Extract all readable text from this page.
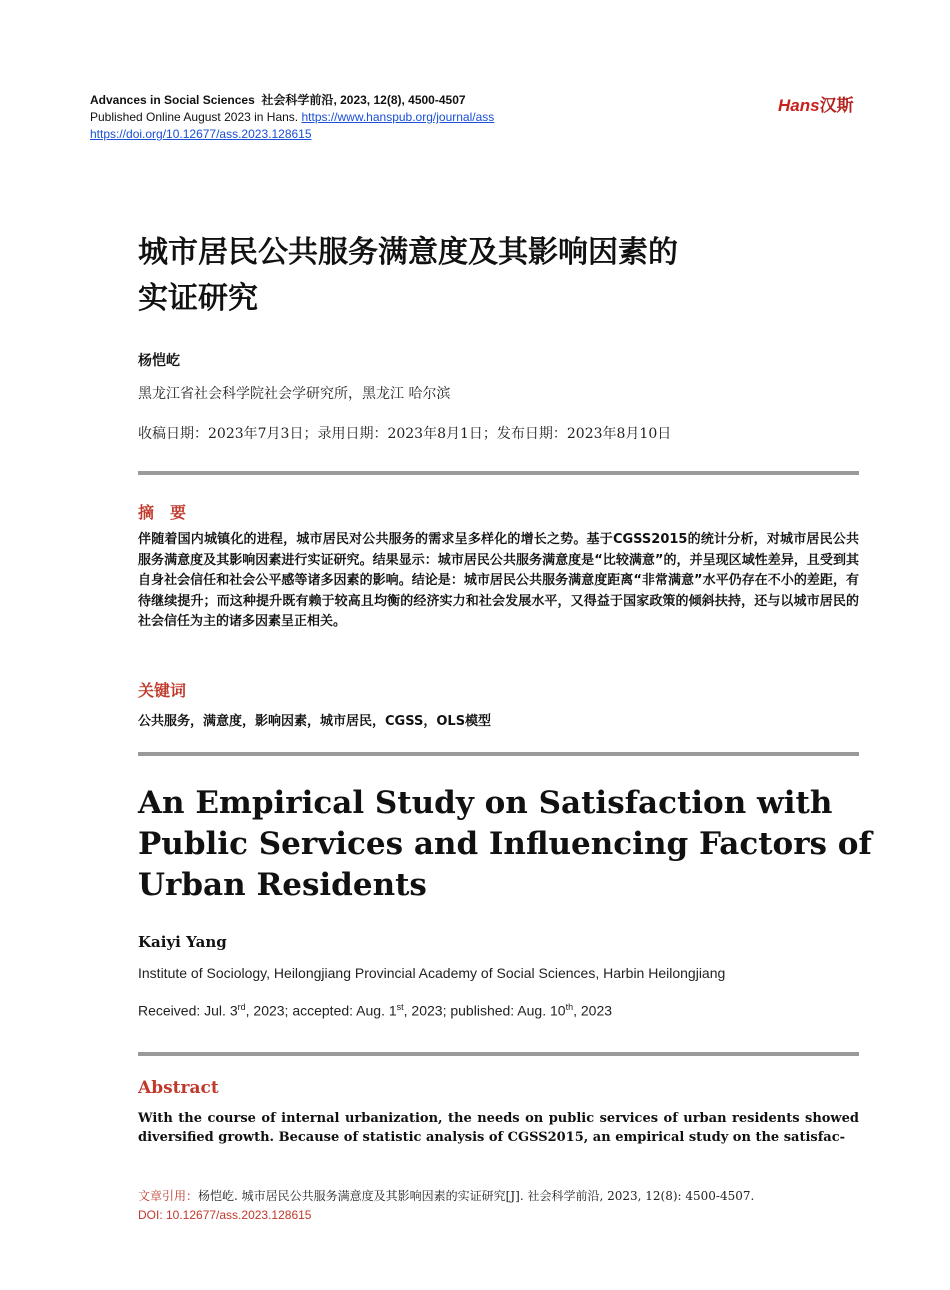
Advances in Social Sciences 社会科学前沿, 2023, 12(8), 4500-4507
Published Online August 2023 in Hans. https://www.hanspub.org/journal/ass
https://doi.org/10.12677/ass.2023.128615
Hans汉斯
城市居民公共服务满意度及其影响因素的
实证研究
杨恺屹
黑龙江省社会科学院社会学研究所，黑龙江 哈尔滨
收稿日期：2023年7月3日；录用日期：2023年8月1日；发布日期：2023年8月10日
摘　要
伴随着国内城镇化的进程，城市居民对公共服务的需求呈多样化的增长之势。基于CGSS2015的统计分析，对城市居民公共服务满意度及其影响因素进行实证研究。结果显示：城市居民公共服务满意度是“比较满意”的，并呈现区域性差异，且受到其自身社会信任和社会公平感等诸多因素的影响。结论是：城市居民公共服务满意度距离“非常满意”水平仍存在不小的差距，有待继续提升；而这种提升既有赖于较高且均衡的经济实力和社会发展水平，又得益于国家政策的倾斜扶持，还与以城市居民的社会信任为主的诸多因素呈正相关。
关键词
公共服务，满意度，影响因素，城市居民，CGSS，OLS模型
An Empirical Study on Satisfaction with
Public Services and Influencing Factors of
Urban Residents
Kaiyi Yang
Institute of Sociology, Heilongjiang Provincial Academy of Social Sciences, Harbin Heilongjiang
Received: Jul. 3rd, 2023; accepted: Aug. 1st, 2023; published: Aug. 10th, 2023
Abstract
With the course of internal urbanization, the needs on public services of urban residents showed diversified growth. Because of statistic analysis of CGSS2015, an empirical study on the satisfac-
文章引用：杨恺屹. 城市居民公共服务满意度及其影响因素的实证研究[J]. 社会科学前沿, 2023, 12(8): 4500-4507.
DOI: 10.12677/ass.2023.128615
